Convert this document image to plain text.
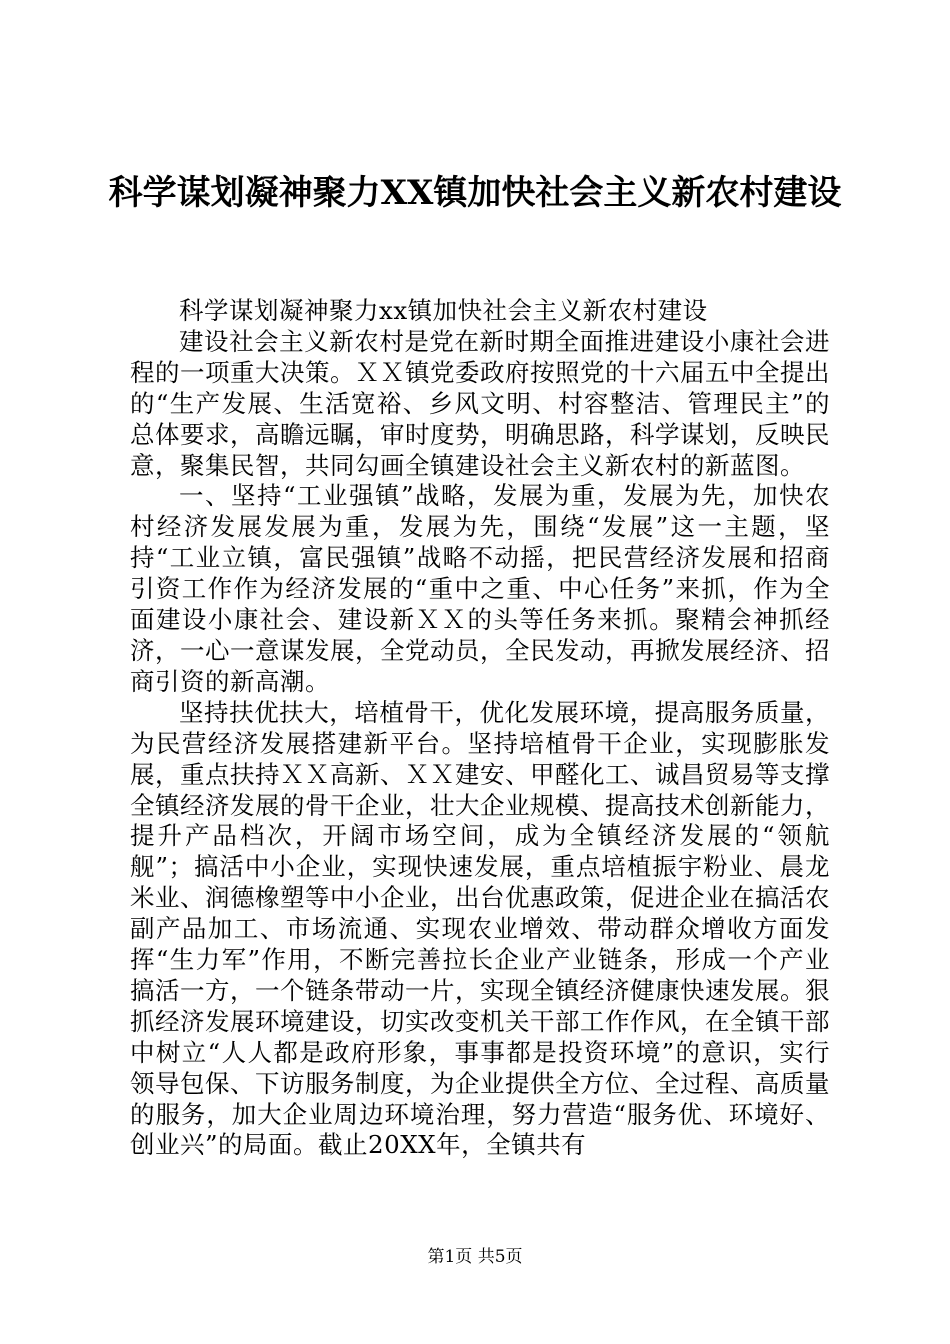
科学谋划凝神聚力XX镇加快社会主义新农村建设

科学谋划凝神聚力xx镇加快社会主义新农村建设

建设社会主义新农村是党在新时期全面推进建设小康社会进程的一项重大决策。ＸＸ镇党委政府按照党的十六届五中全提出的“生产发展、生活宽裕、乡风文明、村容整洁、管理民主”的总体要求，高瞻远瞩，审时度势，明确思路，科学谋划，反映民意，聚集民智，共同勾画全镇建设社会主义新农村的新蓝图。

一、坚持“工业强镇”战略，发展为重，发展为先，加快农村经济发展发展为重，发展为先，围绕“发展”这一主题，坚持“工业立镇，富民强镇”战略不动摇，把民营经济发展和招商引资工作作为经济发展的“重中之重、中心任务”来抓，作为全面建设小康社会、建设新ＸＸ的头等任务来抓。聚精会神抓经济，一心一意谋发展，全党动员，全民发动，再掀发展经济、招商引资的新高潮。

坚持扶优扶大，培植骨干，优化发展环境，提高服务质量，为民营经济发展搭建新平台。坚持培植骨干企业，实现膨胀发展，重点扶持ＸＸ高新、ＸＸ建安、甲醛化工、诚昌贸易等支撑全镇经济发展的骨干企业，壮大企业规模、提高技术创新能力，提升产品档次，开阔市场空间，成为全镇经济发展的“领航舰”；搞活中小企业，实现快速发展，重点培植振宇粉业、晨龙米业、润德橡塑等中小企业，出台优惠政策，促进企业在搞活农副产品加工、市场流通、实现农业增效、带动群众增收方面发挥“生力军”作用，不断完善拉长企业产业链条，形成一个产业搞活一方，一个链条带动一片，实现全镇经济健康快速发展。狠抓经济发展环境建设，切实改变机关干部工作作风，在全镇干部中树立“人人都是政府形象，事事都是投资环境”的意识，实行领导包保、下访服务制度，为企业提供全方位、全过程、高质量的服务，加大企业周边环境治理，努力营造“服务优、环境好、创业兴”的局面。截止20XX年，全镇共有

第1页 共5页
